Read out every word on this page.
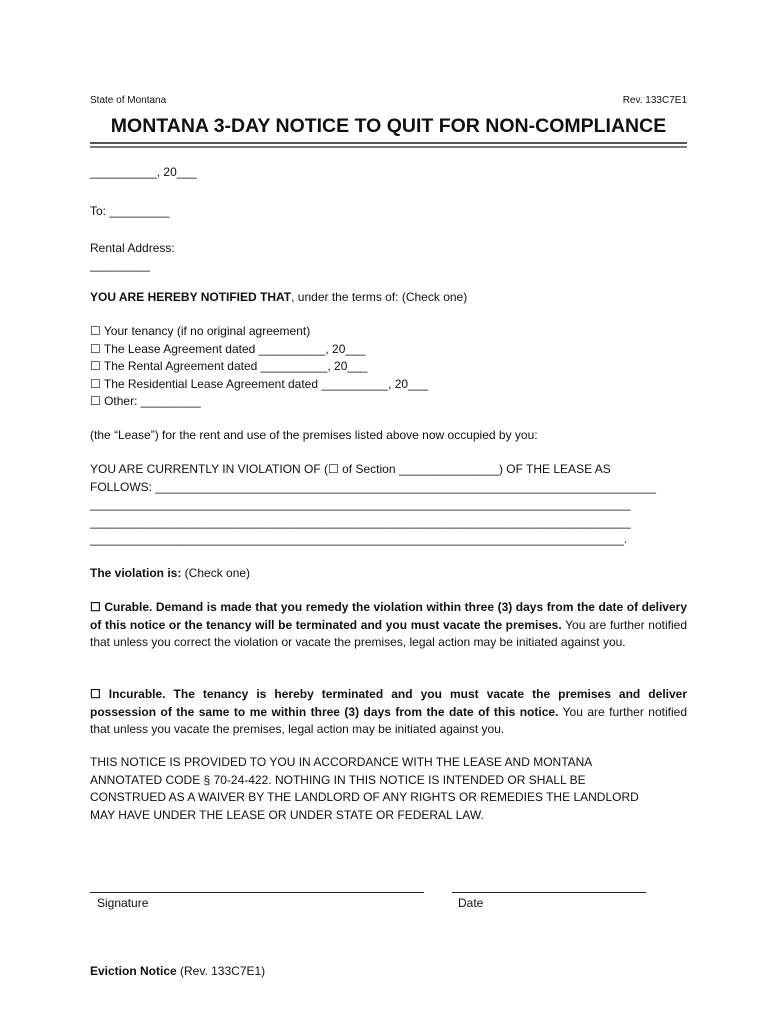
State of Montana	Rev. 133C7E1
MONTANA 3-DAY NOTICE TO QUIT FOR NON-COMPLIANCE
__________, 20___
To: _________
Rental Address:
_________
YOU ARE HEREBY NOTIFIED THAT, under the terms of: (Check one)
☐ Your tenancy (if no original agreement)
☐ The Lease Agreement dated __________, 20___
☐ The Rental Agreement dated __________, 20___
☐ The Residential Lease Agreement dated __________, 20___
☐ Other: _________
(the “Lease”) for the rent and use of the premises listed above now occupied by you:
YOU ARE CURRENTLY IN VIOLATION OF (☐ of Section _______________) OF THE LEASE AS
FOLLOWS: ___________________________________________________________________________
_________________________________________________________________________________
_________________________________________________________________________________
________________________________________________________________________________.
The violation is: (Check one)
☐ Curable. Demand is made that you remedy the violation within three (3) days from the date of delivery of this notice or the tenancy will be terminated and you must vacate the premises. You are further notified that unless you correct the violation or vacate the premises, legal action may be initiated against you.
☐ Incurable. The tenancy is hereby terminated and you must vacate the premises and deliver possession of the same to me within three (3) days from the date of this notice. You are further notified that unless you vacate the premises, legal action may be initiated against you.
THIS NOTICE IS PROVIDED TO YOU IN ACCORDANCE WITH THE LEASE AND MONTANA ANNOTATED CODE § 70-24-422. NOTHING IN THIS NOTICE IS INTENDED OR SHALL BE CONSTRUED AS A WAIVER BY THE LANDLORD OF ANY RIGHTS OR REMEDIES THE LANDLORD MAY HAVE UNDER THE LEASE OR UNDER STATE OR FEDERAL LAW.
Signature	Date
Eviction Notice (Rev. 133C7E1)
